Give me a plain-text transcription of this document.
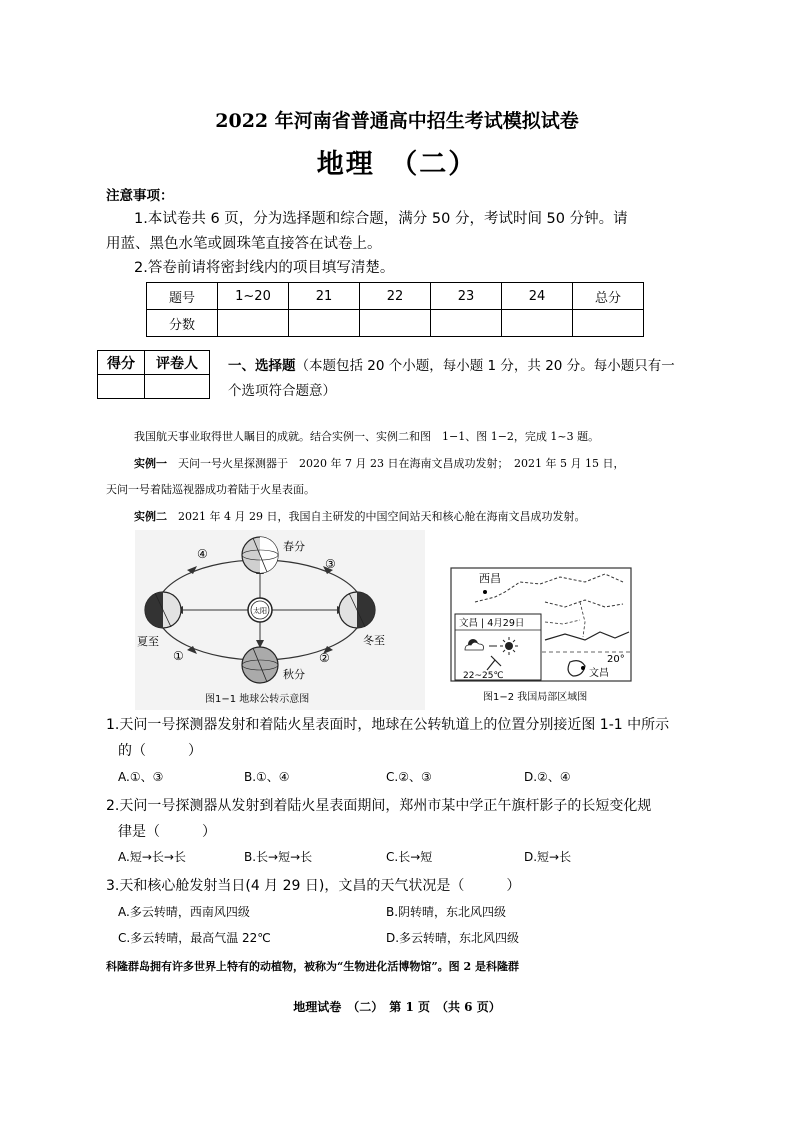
2022 年河南省普通高中招生考试模拟试卷
地理　（二）
注意事项：
1.本试卷共 6 页，分为选择题和综合题，满分 50 分，考试时间 50 分钟。请
用蓝、黑色水笔或圆珠笔直接答在试卷上。
2.答卷前请将密封线内的项目填写清楚。
题号	1~20	21	22	23	24	总分
分数						
得分	评卷人
	一、选择题（本题包括 20 个小题，每小题 1 分，共 20 分。每小题只有一
个选项符合题意）
我国航天事业取得世人瞩目的成就。结合实例一、实例二和图　1−1、图 1−2，完成 1~3 题。
实例一　天问一号火星探测器于　2020 年 7 月 23 日在海南文昌成功发射；　2021 年 5 月 15 日，
天问一号着陆巡视器成功着陆于火星表面。
实例二　2021 年 4 月 29 日，我国自主研发的中国空间站天和核心舱在海南文昌成功发射。
太阳
春分
夏至
秋分
冬至
④
③
①	②
图1−1 地球公转示意图
西昌
文昌
20°
文昌 | 4月29日
22~25℃
图1−2 我国局部区域图
1.天问一号探测器发射和着陆火星表面时，地球在公转轨道上的位置分别接近图 1-1 中所示
的（　　　）
A.①、③	B.①、④	C.②、③	D.②、④
2.天问一号探测器从发射到着陆火星表面期间，郑州市某中学正午旗杆影子的长短变化规
律是（　　　）
A.短→长→长	B.长→短→长	C.长→短	D.短→长
3.天和核心舱发射当日(4 月 29 日)，文昌的天气状况是（　　　）
A.多云转晴，西南风四级	B.阴转晴，东北风四级
C.多云转晴，最高气温 22℃	D.多云转晴，东北风四级
科隆群岛拥有许多世界上特有的动植物，被称为“生物进化活博物馆”。图 2 是科隆群
地理试卷　（二）　第 1 页　（共 6 页）
